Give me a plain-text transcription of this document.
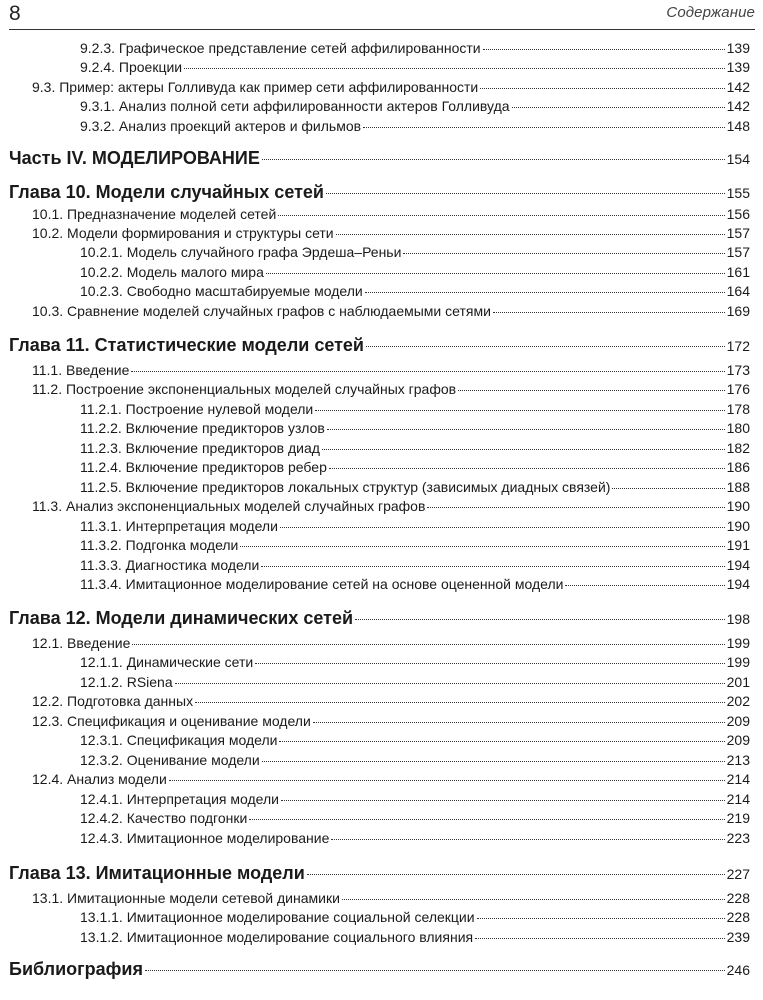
8	Содержание
9.2.3. Графическое представление сетей аффилированности	139
9.2.4. Проекции	139
9.3. Пример: актеры Голливуда как пример сети аффилированности	142
9.3.1. Анализ полной сети аффилированности актеров Голливуда	142
9.3.2. Анализ проекций актеров и фильмов	148
Часть IV. МОДЕЛИРОВАНИЕ	154
Глава 10. Модели случайных сетей	155
10.1. Предназначение моделей сетей	156
10.2. Модели формирования и структуры сети	157
10.2.1. Модель случайного графа Эрдеша–Реньи	157
10.2.2. Модель малого мира	161
10.2.3. Свободно масштабируемые модели	164
10.3. Сравнение моделей случайных графов с наблюдаемыми сетями	169
Глава 11. Статистические модели сетей	172
11.1. Введение	173
11.2. Построение экспоненциальных моделей случайных графов	176
11.2.1. Построение нулевой модели	178
11.2.2. Включение предикторов узлов	180
11.2.3. Включение предикторов диад	182
11.2.4. Включение предикторов ребер	186
11.2.5. Включение предикторов локальных структур (зависимых диадных связей)	188
11.3. Анализ экспоненциальных моделей случайных графов	190
11.3.1. Интерпретация модели	190
11.3.2. Подгонка модели	191
11.3.3. Диагностика модели	194
11.3.4. Имитационное моделирование сетей на основе оцененной модели	194
Глава 12. Модели динамических сетей	198
12.1. Введение	199
12.1.1. Динамические сети	199
12.1.2. RSiena	201
12.2. Подготовка данных	202
12.3. Спецификация и оценивание модели	209
12.3.1. Спецификация модели	209
12.3.2. Оценивание модели	213
12.4. Анализ модели	214
12.4.1. Интерпретация модели	214
12.4.2. Качество подгонки	219
12.4.3. Имитационное моделирование	223
Глава 13. Имитационные модели	227
13.1. Имитационные модели сетевой динамики	228
13.1.1. Имитационное моделирование социальной селекции	228
13.1.2. Имитационное моделирование социального влияния	239
Библиография	246
